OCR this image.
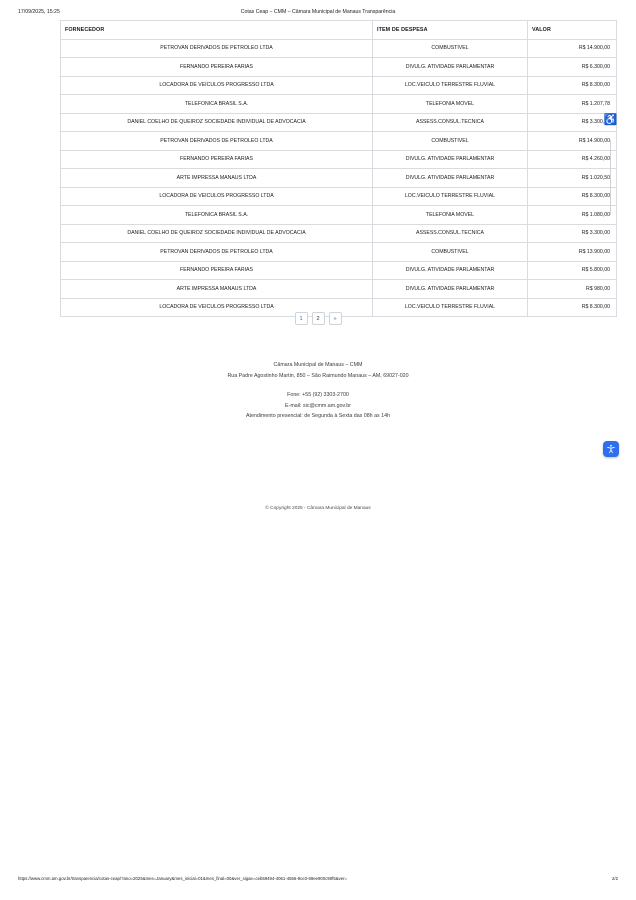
17/09/2025, 15:25	Cotas Ceap – CMM – Câmara Municipal de Manaus Transparência
FORNECEDOR	ITEM DE DESPESA	VALOR
PETROVAN DERIVADOS DE PETROLEO LTDA	COMBUSTIVEL	R$ 14.900,00
FERNANDO PEREIRA FARIAS	DIVULG. ATIVIDADE PARLAMENTAR	R$ 6.300,00
LOCADORA DE VEICULOS PROGRESSO LTDA	LOC.VEICULO TERRESTRE FLUVIAL	R$ 8.300,00
TELEFONICA BRASIL S.A.	TELEFONIA MOVEL	R$ 1.207,78
DANIEL COELHO DE QUEIROZ SOCIEDADE INDIVIDUAL DE ADVOCACIA	ASSESS.CONSUL.TECNICA	R$ 3.300,00
PETROVAN DERIVADOS DE PETROLEO LTDA	COMBUSTIVEL	R$ 14.900,00
FERNANDO PEREIRA FARIAS	DIVULG. ATIVIDADE PARLAMENTAR	R$ 4.260,00
ARTE IMPRESSA MANAUS LTDA	DIVULG. ATIVIDADE PARLAMENTAR	R$ 1.020,50
LOCADORA DE VEICULOS PROGRESSO LTDA	LOC.VEICULO TERRESTRE FLUVIAL	R$ 8.300,00
TELEFONICA BRASIL S.A.	TELEFONIA MOVEL	R$ 1.080,00
DANIEL COELHO DE QUEIROZ SOCIEDADE INDIVIDUAL DE ADVOCACIA	ASSESS.CONSUL.TECNICA	R$ 3.300,00
PETROVAN DERIVADOS DE PETROLEO LTDA	COMBUSTIVEL	R$ 13.900,00
FERNANDO PEREIRA FARIAS	DIVULG. ATIVIDADE PARLAMENTAR	R$ 5.800,00
ARTE IMPRESSA MANAUS LTDA	DIVULG. ATIVIDADE PARLAMENTAR	R$ 980,00
LOCADORA DE VEICULOS PROGRESSO LTDA	LOC.VEICULO TERRESTRE FLUVIAL	R$ 8.300,00
1	2	»
Câmara Municipal de Manaus – CMM
Rua Padre Agostinho Martin, 850 – São Raimundo Manaus – AM, 69027-020
Fone: +55 (92) 3303-2700
E-mail: sic@cmm.am.gov.br
Atendimento presencial: de Segunda à Sexta das 08h as 14h
© Copyright 2025 - Câmara Municipal de Manaus
♿
https://www.cmm.am.gov.br/transparencia/cotas-ceap/?ano=2025&mes=January&mes_inicial=01&mes_final=00&ver_sigae=ceb59494-4061-4566-9ce3-69ee900c90f5&ver=	2/2
